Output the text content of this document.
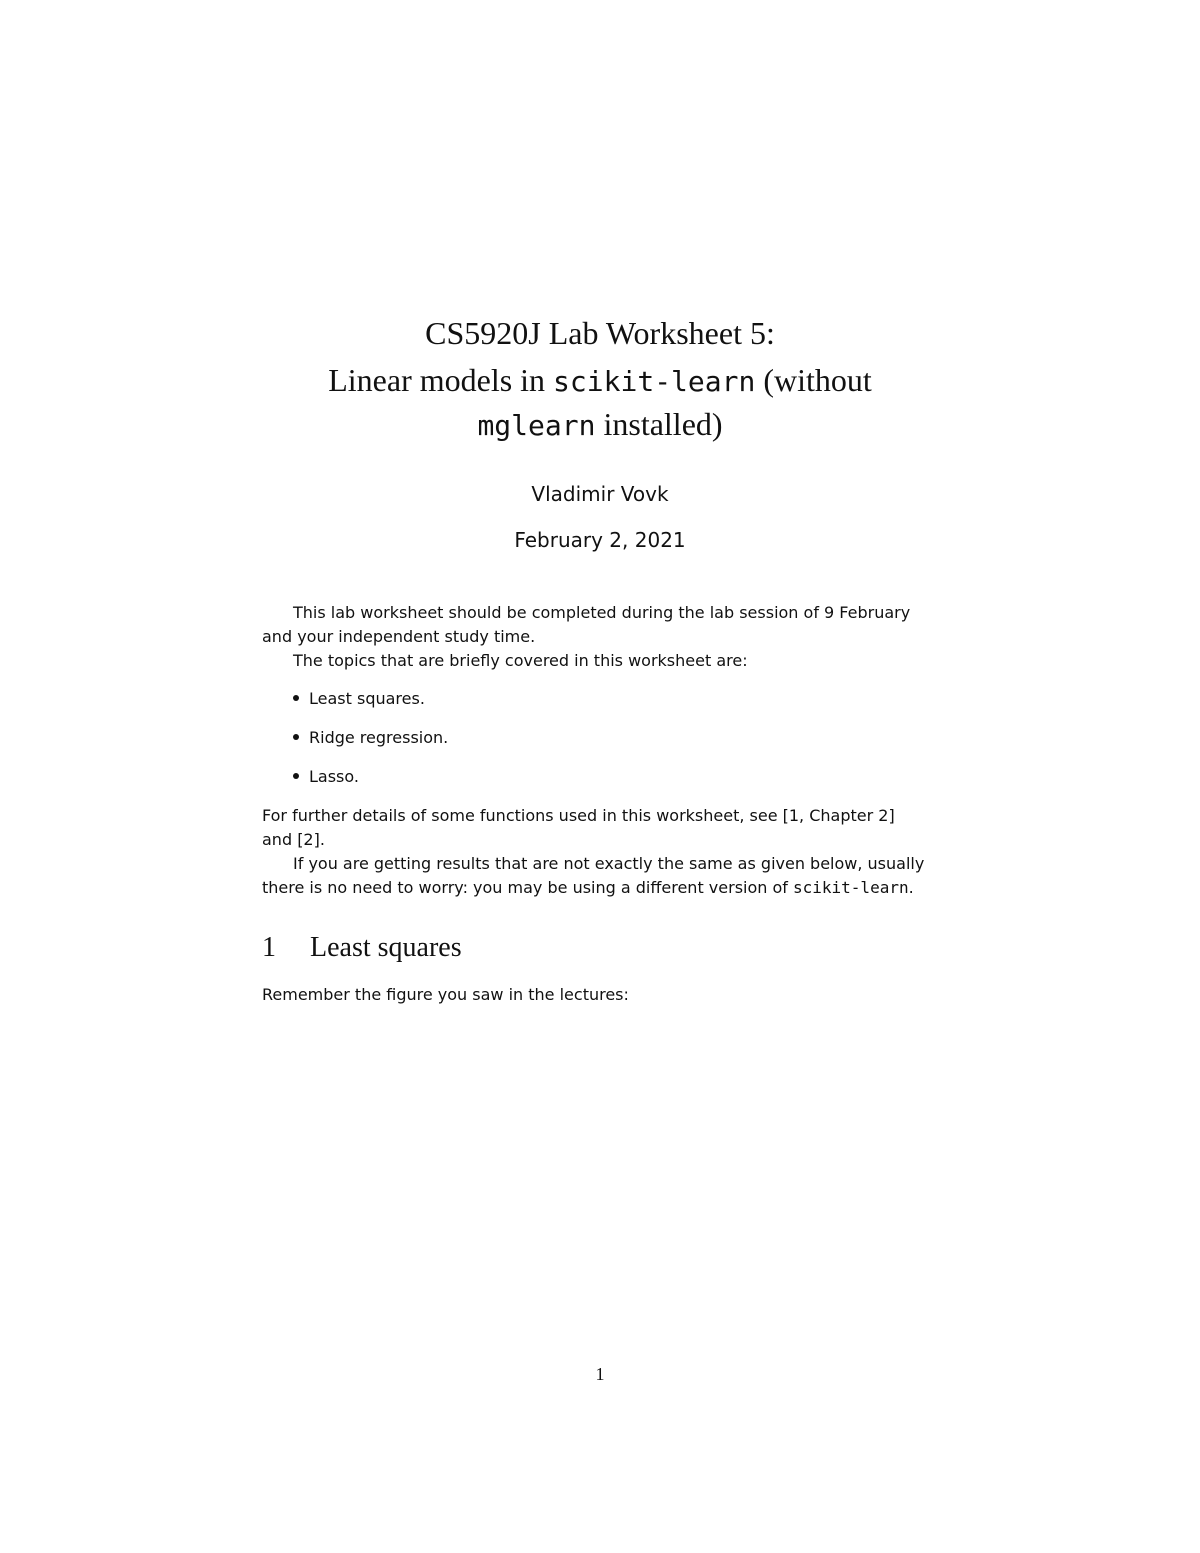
CS5920J Lab Worksheet 5:
Linear models in scikit-learn (without
mglearn installed)
Vladimir Vovk
February 2, 2021
This lab worksheet should be completed during the lab session of 9 February
and your independent study time.
The topics that are briefly covered in this worksheet are:
Least squares.
Ridge regression.
Lasso.
For further details of some functions used in this worksheet, see [1, Chapter 2]
and [2].
If you are getting results that are not exactly the same as given below, usually
there is no need to worry: you may be using a different version of scikit-learn.
1 Least squares
Remember the figure you saw in the lectures:
1
